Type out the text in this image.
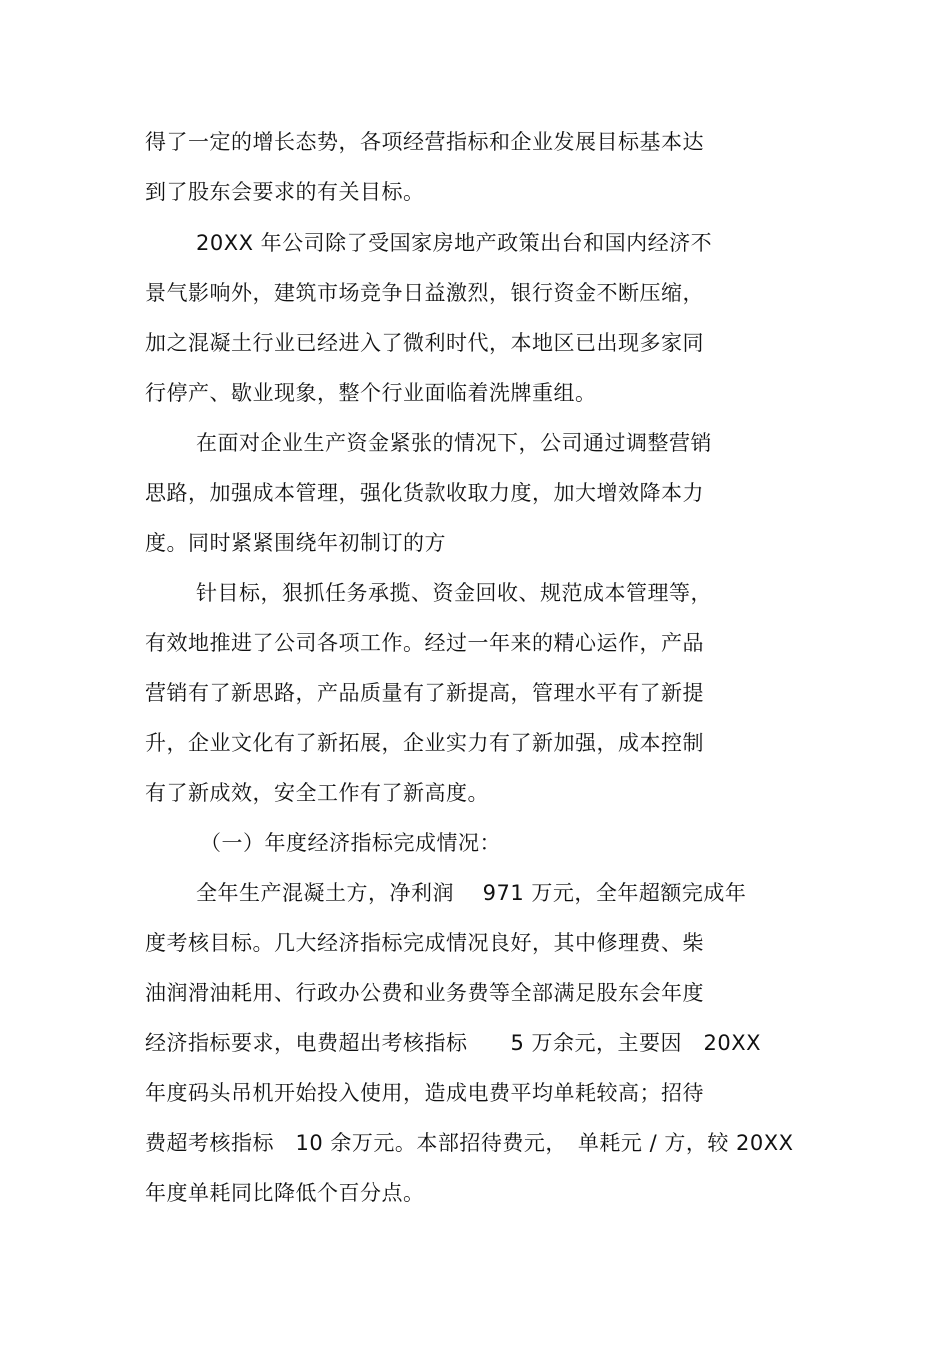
得了一定的增长态势，各项经营指标和企业发展目标基本达
到了股东会要求的有关目标。
20XX 年公司除了受国家房地产政策出台和国内经济不
景气影响外，建筑市场竞争日益激烈，银行资金不断压缩，
加之混凝土行业已经进入了微利时代，本地区已出现多家同
行停产、歇业现象，整个行业面临着洗牌重组。
在面对企业生产资金紧张的情况下，公司通过调整营销
思路，加强成本管理，强化货款收取力度，加大增效降本力
度。同时紧紧围绕年初制订的方
针目标，狠抓任务承揽、资金回收、规范成本管理等，
有效地推进了公司各项工作。经过一年来的精心运作，产品
营销有了新思路，产品质量有了新提高，管理水平有了新提
升，企业文化有了新拓展，企业实力有了新加强，成本控制
有了新成效，安全工作有了新高度。
（一）年度经济指标完成情况：
全年生产混凝土方，净利润　 971 万元，全年超额完成年
度考核目标。几大经济指标完成情况良好，其中修理费、柴
油润滑油耗用、行政办公费和业务费等全部满足股东会年度
经济指标要求，电费超出考核指标　　5 万余元，主要因　20XX
年度码头吊机开始投入使用，造成电费平均单耗较高；招待
费超考核指标　10 余万元。本部招待费元，　单耗元 / 方，较 20XX
年度单耗同比降低个百分点。
